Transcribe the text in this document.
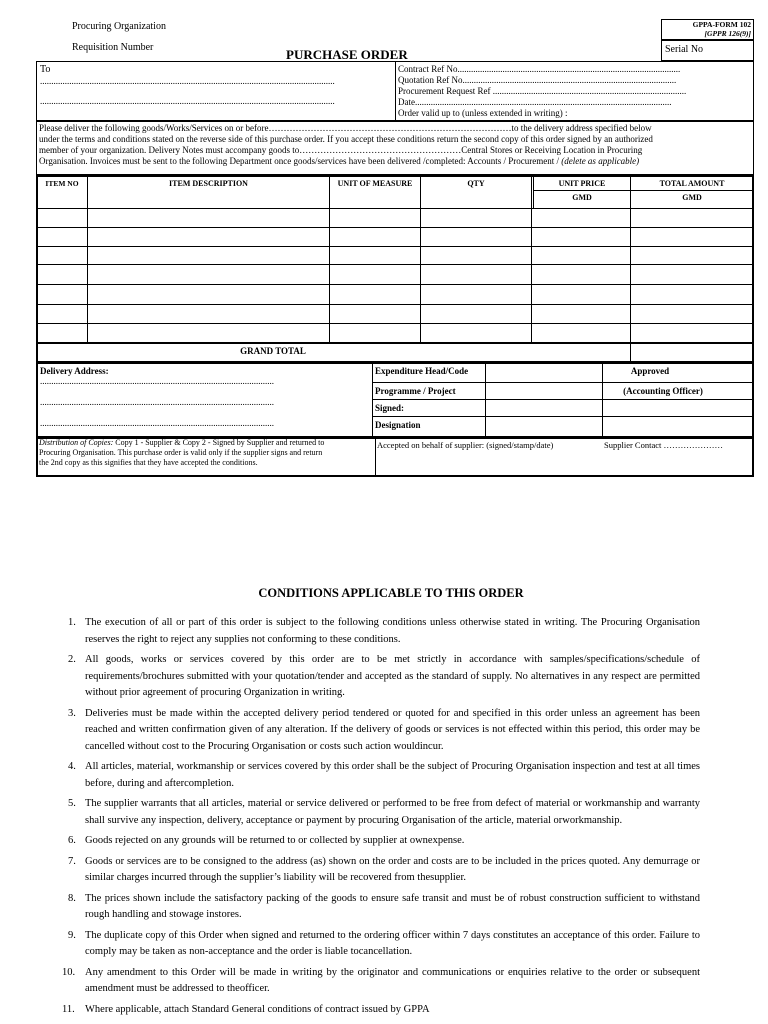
Procuring Organization
Requisition Number	PURCHASE ORDER
GPPA-FORM 102
[GPPR 126(9)]
Serial No
To
...................................................................................................................................
...................................................................................................................................
Contract Ref No...................................................................................................
Quotation Ref No...............................................................................................
Procurement Request Ref ......................................................................................
Date..................................................................................................................
Order valid up to (unless extended in writing) :
Please deliver the following goods/Works/Services on or before………………………………………………………………………to the delivery address specified below
under the terms and conditions stated on the reverse side of this purchase order. If you accept these conditions return the second copy of this order signed by an authorized
member of your organization. Delivery Notes must accompany goods to………………………………………………Central Stores or Receiving Location in Procuring
Organisation. Invoices must be sent to the following Department once goods/services have been delivered /completed: Accounts / Procurement / (delete as applicable)
ITEM NO	ITEM DESCRIPTION	UNIT OF MEASURE	QTY	UNIT PRICE	TOTAL AMOUNT
GMD	GMD
GRAND TOTAL
Delivery Address:
........................................................................................................
........................................................................................................
........................................................................................................
Expenditure Head/Code	Approved
Programme / Project	(Accounting Officer)
Signed:
Designation
Distribution of Copies: Copy 1 - Supplier & Copy 2 - Signed by Supplier and returned to
Procuring Organisation. This purchase order is valid only if the supplier signs and return
the 2nd copy as this signifies that they have accepted the conditions.
Accepted on behalf of supplier: (signed/stamp/date)	Supplier Contact …………………
CONDITIONS APPLICABLE TO THIS ORDER
1. The execution of all or part of this order is subject to the following conditions unless otherwise stated in writing. The Procuring Organisation reserves the right to reject any supplies not conforming to these conditions.
2. All goods, works or services covered by this order are to be met strictly in accordance with samples/specifications/schedule of requirements/brochures submitted with your quotation/tender and accepted as the standard of supply. No alternatives in any respect are permitted without prior agreement of procuring Organization in writing.
3. Deliveries must be made within the accepted delivery period tendered or quoted for and specified in this order unless an agreement has been reached and written confirmation given of any alteration. If the delivery of goods or services is not effected within this period, this order may be cancelled without cost to the Procuring Organisation or costs such action wouldincur.
4. All articles, material, workmanship or services covered by this order shall be the subject of Procuring Organisation inspection and test at all times before, during and aftercompletion.
5. The supplier warrants that all articles, material or service delivered or performed to be free from defect of material or workmanship and warranty shall survive any inspection, delivery, acceptance or payment by procuring Organisation of the article, material orworkmanship.
6. Goods rejected on any grounds will be returned to or collected by supplier at ownexpense.
7. Goods or services are to be consigned to the address (as) shown on the order and costs are to be included in the prices quoted. Any demurrage or similar charges incurred through the supplier’s liability will be recovered from thesupplier.
8. The prices shown include the satisfactory packing of the goods to ensure safe transit and must be of robust construction sufficient to withstand rough handling and stowage instores.
9. The duplicate copy of this Order when signed and returned to the ordering officer within 7 days constitutes an acceptance of this order. Failure to comply may be taken as non-acceptance and the order is liable tocancellation.
10. Any amendment to this Order will be made in writing by the originator and communications or enquiries relative to the order or subsequent amendment must be addressed to theofficer.
11. Where applicable, attach Standard General conditions of contract issued by GPPA
